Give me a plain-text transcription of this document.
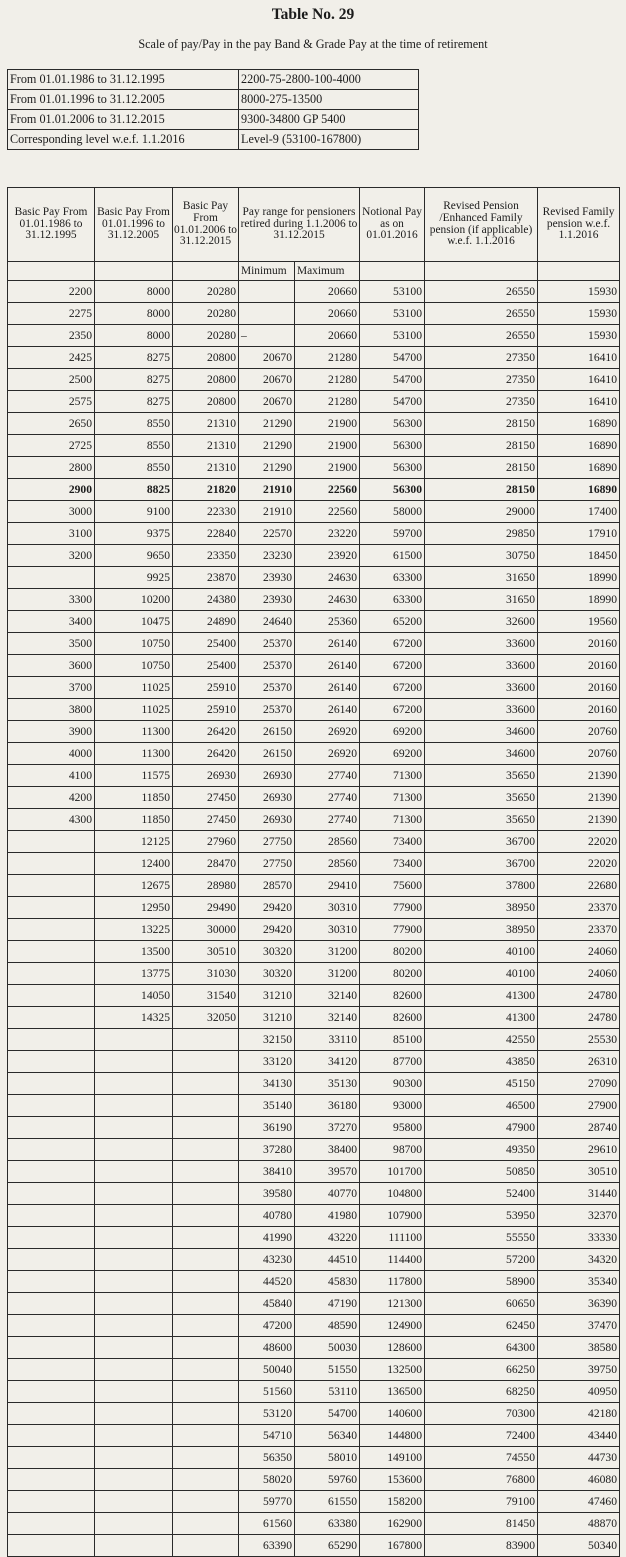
Table No. 29
Scale of pay/Pay in the pay Band & Grade Pay at the time of retirement
From 01.01.1986 to 31.12.1995	2200-75-2800-100-4000
From 01.01.1996 to 31.12.2005	8000-275-13500
From 01.01.2006 to 31.12.2015	9300-34800 GP 5400
Corresponding level w.e.f. 1.1.2016	Level-9 (53100-167800)
Basic Pay From 01.01.1986 to 31.12.1995	Basic Pay From 01.01.1996 to 31.12.2005	Basic Pay From 01.01.2006 to 31.12.2015	Pay range for pensioners retired during 1.1.2006 to 31.12.2015		Notional Pay as on 01.01.2016	Revised Pension /Enhanced Family pension (if applicable) w.e.f. 1.1.2016	Revised Family pension w.e.f. 1.1.2016

			Minimum	Maximum			
2200	8000	20280		20660	53100	26550	15930
2275	8000	20280		20660	53100	26550	15930
2350	8000	20280	–	20660	53100	26550	15930
2425	8275	20800	20670	21280	54700	27350	16410
2500	8275	20800	20670	21280	54700	27350	16410
2575	8275	20800	20670	21280	54700	27350	16410
2650	8550	21310	21290	21900	56300	28150	16890
2725	8550	21310	21290	21900	56300	28150	16890
2800	8550	21310	21290	21900	56300	28150	16890
2900	8825	21820	21910	22560	56300	28150	16890
3000	9100	22330	21910	22560	58000	29000	17400
3100	9375	22840	22570	23220	59700	29850	17910
3200	9650	23350	23230	23920	61500	30750	18450
	9925	23870	23930	24630	63300	31650	18990
3300	10200	24380	23930	24630	63300	31650	18990
3400	10475	24890	24640	25360	65200	32600	19560
3500	10750	25400	25370	26140	67200	33600	20160
3600	10750	25400	25370	26140	67200	33600	20160
3700	11025	25910	25370	26140	67200	33600	20160
3800	11025	25910	25370	26140	67200	33600	20160
3900	11300	26420	26150	26920	69200	34600	20760
4000	11300	26420	26150	26920	69200	34600	20760
4100	11575	26930	26930	27740	71300	35650	21390
4200	11850	27450	26930	27740	71300	35650	21390
4300	11850	27450	26930	27740	71300	35650	21390
	12125	27960	27750	28560	73400	36700	22020
	12400	28470	27750	28560	73400	36700	22020
	12675	28980	28570	29410	75600	37800	22680
	12950	29490	29420	30310	77900	38950	23370
	13225	30000	29420	30310	77900	38950	23370
	13500	30510	30320	31200	80200	40100	24060
	13775	31030	30320	31200	80200	40100	24060
	14050	31540	31210	32140	82600	41300	24780
	14325	32050	31210	32140	82600	41300	24780
			32150	33110	85100	42550	25530
			33120	34120	87700	43850	26310
			34130	35130	90300	45150	27090
			35140	36180	93000	46500	27900
			36190	37270	95800	47900	28740
			37280	38400	98700	49350	29610
			38410	39570	101700	50850	30510
			39580	40770	104800	52400	31440
			40780	41980	107900	53950	32370
			41990	43220	111100	55550	33330
			43230	44510	114400	57200	34320
			44520	45830	117800	58900	35340
			45840	47190	121300	60650	36390
			47200	48590	124900	62450	37470
			48600	50030	128600	64300	38580
			50040	51550	132500	66250	39750
			51560	53110	136500	68250	40950
			53120	54700	140600	70300	42180
			54710	56340	144800	72400	43440
			56350	58010	149100	74550	44730
			58020	59760	153600	76800	46080
			59770	61550	158200	79100	47460
			61560	63380	162900	81450	48870
			63390	65290	167800	83900	50340
